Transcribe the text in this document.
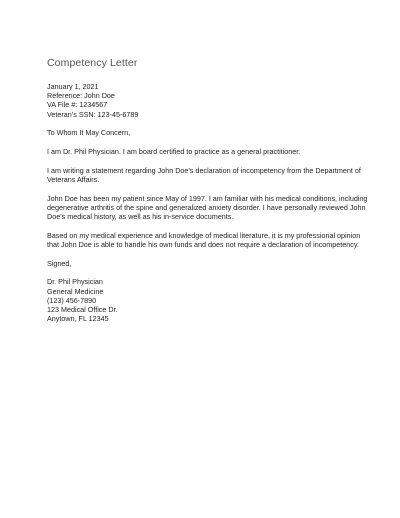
Competency Letter
January 1, 2021
Reference: John Doe
VA File #: 1234567
Veteran’s SSN: 123-45-6789

To Whom It May Concern,

I am Dr. Phil Physician. I am board certified to practice as a general practitioner.

I am writing a statement regarding John Doe’s declaration of incompetency from the Department of Veterans Affairs.

John Doe has been my patient since May of 1997. I am familiar with his medical conditions, including degenerative arthritis of the spine and generalized anxiety disorder. I have personally reviewed John Doe’s medical history, as well as his in-service documents.

Based on my medical experience and knowledge of medical literature, it is my professional opinion that John Doe is able to handle his own funds and does not require a declaration of incompetency.

Signed,

Dr. Phil Physician
General Medicine
(123) 456-7890
123 Medical Office Dr.
Anytown, FL 12345
